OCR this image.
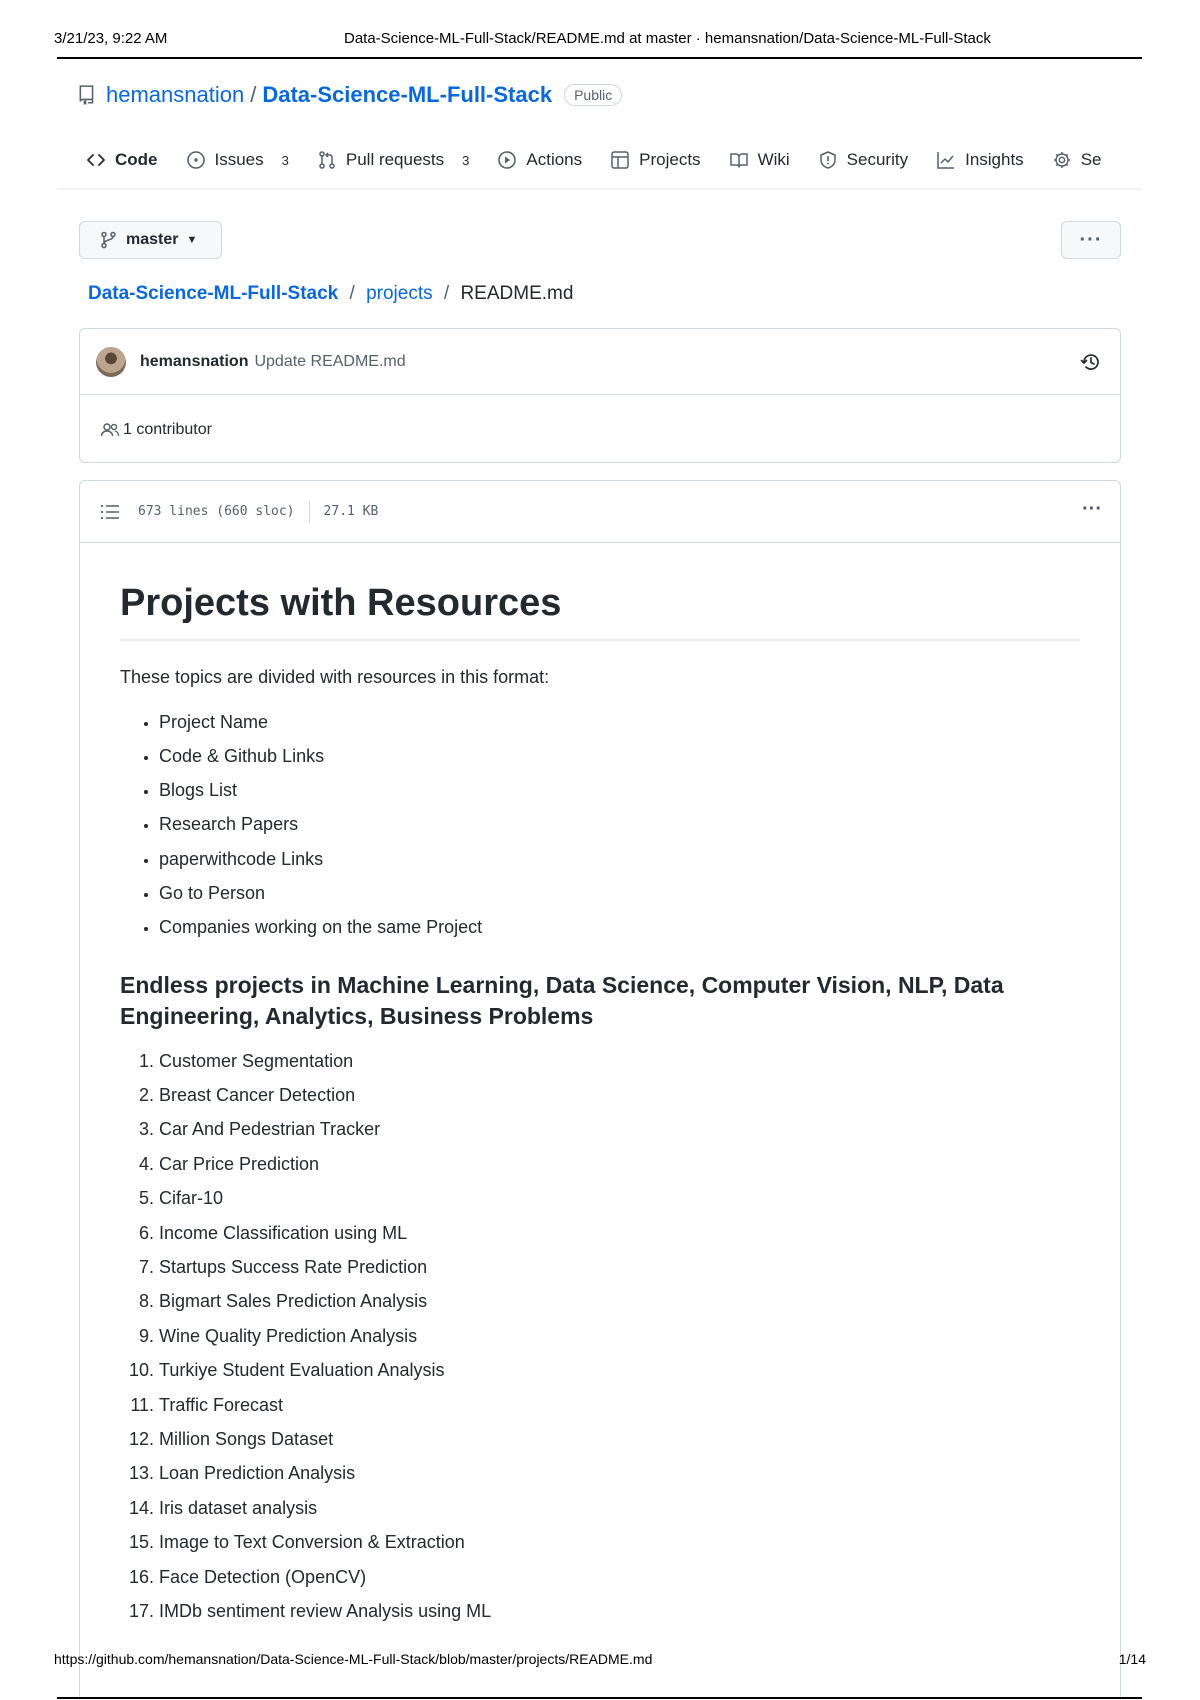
3/21/23, 9:22 AM	Data-Science-ML-Full-Stack/README.md at master · hemansnation/Data-Science-ML-Full-Stack
hemansnation / Data-Science-ML-Full-Stack	Public
Code	Issues 3	Pull requests 3	Actions	Projects	Wiki	Security	Insights	Se
master ▼	···
Data-Science-ML-Full-Stack / projects / README.md
hemansnation Update README.md
1 contributor
673 lines (660 sloc) 27.1 KB	···
Projects with Resources

These topics are divided with resources in this format:

• Project Name
• Code & Github Links
• Blogs List
• Research Papers
• paperwithcode Links
• Go to Person
• Companies working on the same Project
Endless projects in Machine Learning, Data Science, Computer Vision, NLP, Data Engineering, Analytics, Business Problems
1. Customer Segmentation
2. Breast Cancer Detection
3. Car And Pedestrian Tracker
4. Car Price Prediction
5. Cifar-10
6. Income Classification using ML
7. Startups Success Rate Prediction
8. Bigmart Sales Prediction Analysis
9. Wine Quality Prediction Analysis
10. Turkiye Student Evaluation Analysis
11. Traffic Forecast
12. Million Songs Dataset
13. Loan Prediction Analysis
14. Iris dataset analysis
15. Image to Text Conversion & Extraction
16. Face Detection (OpenCV)
17. IMDb sentiment review Analysis using ML
https://github.com/hemansnation/Data-Science-ML-Full-Stack/blob/master/projects/README.md	1/14
